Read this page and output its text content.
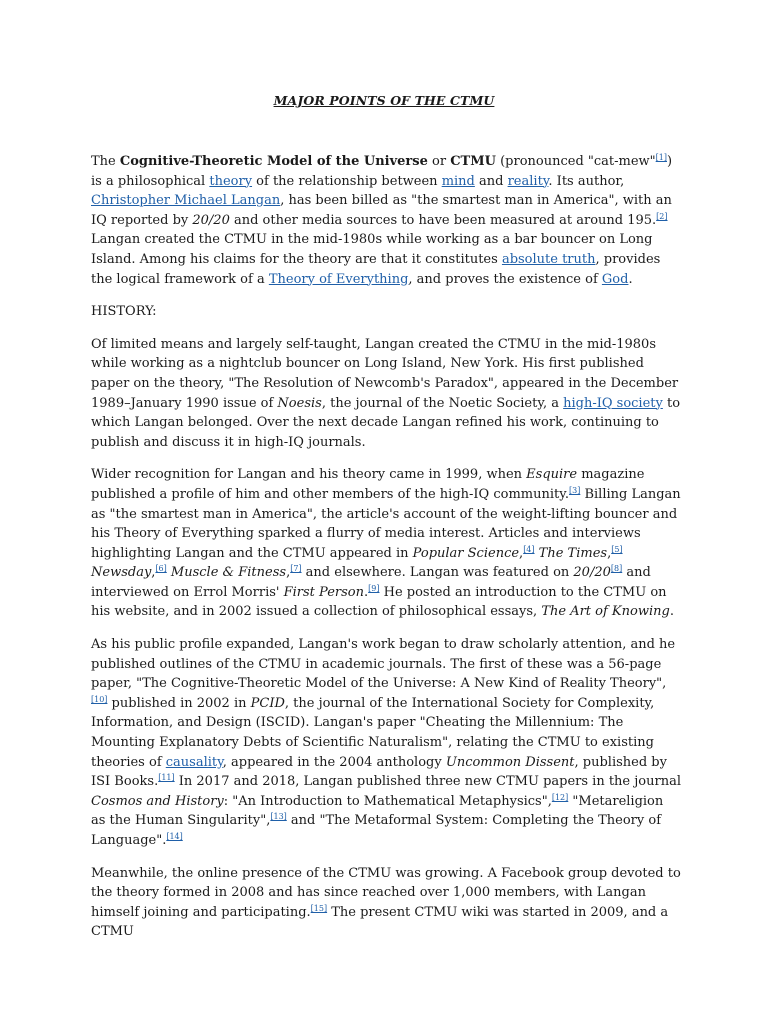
MAJOR POINTS OF THE CTMU

The Cognitive-Theoretic Model of the Universe or CTMU (pronounced "cat-mew"[1]) is a philosophical theory of the relationship between mind and reality. Its author, Christopher Michael Langan, has been billed as "the smartest man in America", with an IQ reported by 20/20 and other media sources to have been measured at around 195.[2] Langan created the CTMU in the mid-1980s while working as a bar bouncer on Long Island. Among his claims for the theory are that it constitutes absolute truth, provides the logical framework of a Theory of Everything, and proves the existence of God.

HISTORY:

Of limited means and largely self-taught, Langan created the CTMU in the mid-1980s while working as a nightclub bouncer on Long Island, New York. His first published paper on the theory, "The Resolution of Newcomb's Paradox", appeared in the December 1989–January 1990 issue of Noesis, the journal of the Noetic Society, a high-IQ society to which Langan belonged. Over the next decade Langan refined his work, continuing to publish and discuss it in high-IQ journals.

Wider recognition for Langan and his theory came in 1999, when Esquire magazine published a profile of him and other members of the high-IQ community.[3] Billing Langan as "the smartest man in America", the article's account of the weight-lifting bouncer and his Theory of Everything sparked a flurry of media interest. Articles and interviews highlighting Langan and the CTMU appeared in Popular Science,[4] The Times,[5] Newsday,[6] Muscle & Fitness,[7] and elsewhere. Langan was featured on 20/20[8] and interviewed on Errol Morris' First Person.[9] He posted an introduction to the CTMU on his website, and in 2002 issued a collection of philosophical essays, The Art of Knowing.

As his public profile expanded, Langan's work began to draw scholarly attention, and he published outlines of the CTMU in academic journals. The first of these was a 56-page paper, "The Cognitive-Theoretic Model of the Universe: A New Kind of Reality Theory",[10] published in 2002 in PCID, the journal of the International Society for Complexity, Information, and Design (ISCID). Langan's paper "Cheating the Millennium: The Mounting Explanatory Debts of Scientific Naturalism", relating the CTMU to existing theories of causality, appeared in the 2004 anthology Uncommon Dissent, published by ISI Books.[11] In 2017 and 2018, Langan published three new CTMU papers in the journal Cosmos and History: "An Introduction to Mathematical Metaphysics",[12] "Metareligion as the Human Singularity",[13] and "The Metaformal System: Completing the Theory of Language".[14]

Meanwhile, the online presence of the CTMU was growing. A Facebook group devoted to the theory formed in 2008 and has since reached over 1,000 members, with Langan himself joining and participating.[15] The present CTMU wiki was started in 2009, and a CTMU
